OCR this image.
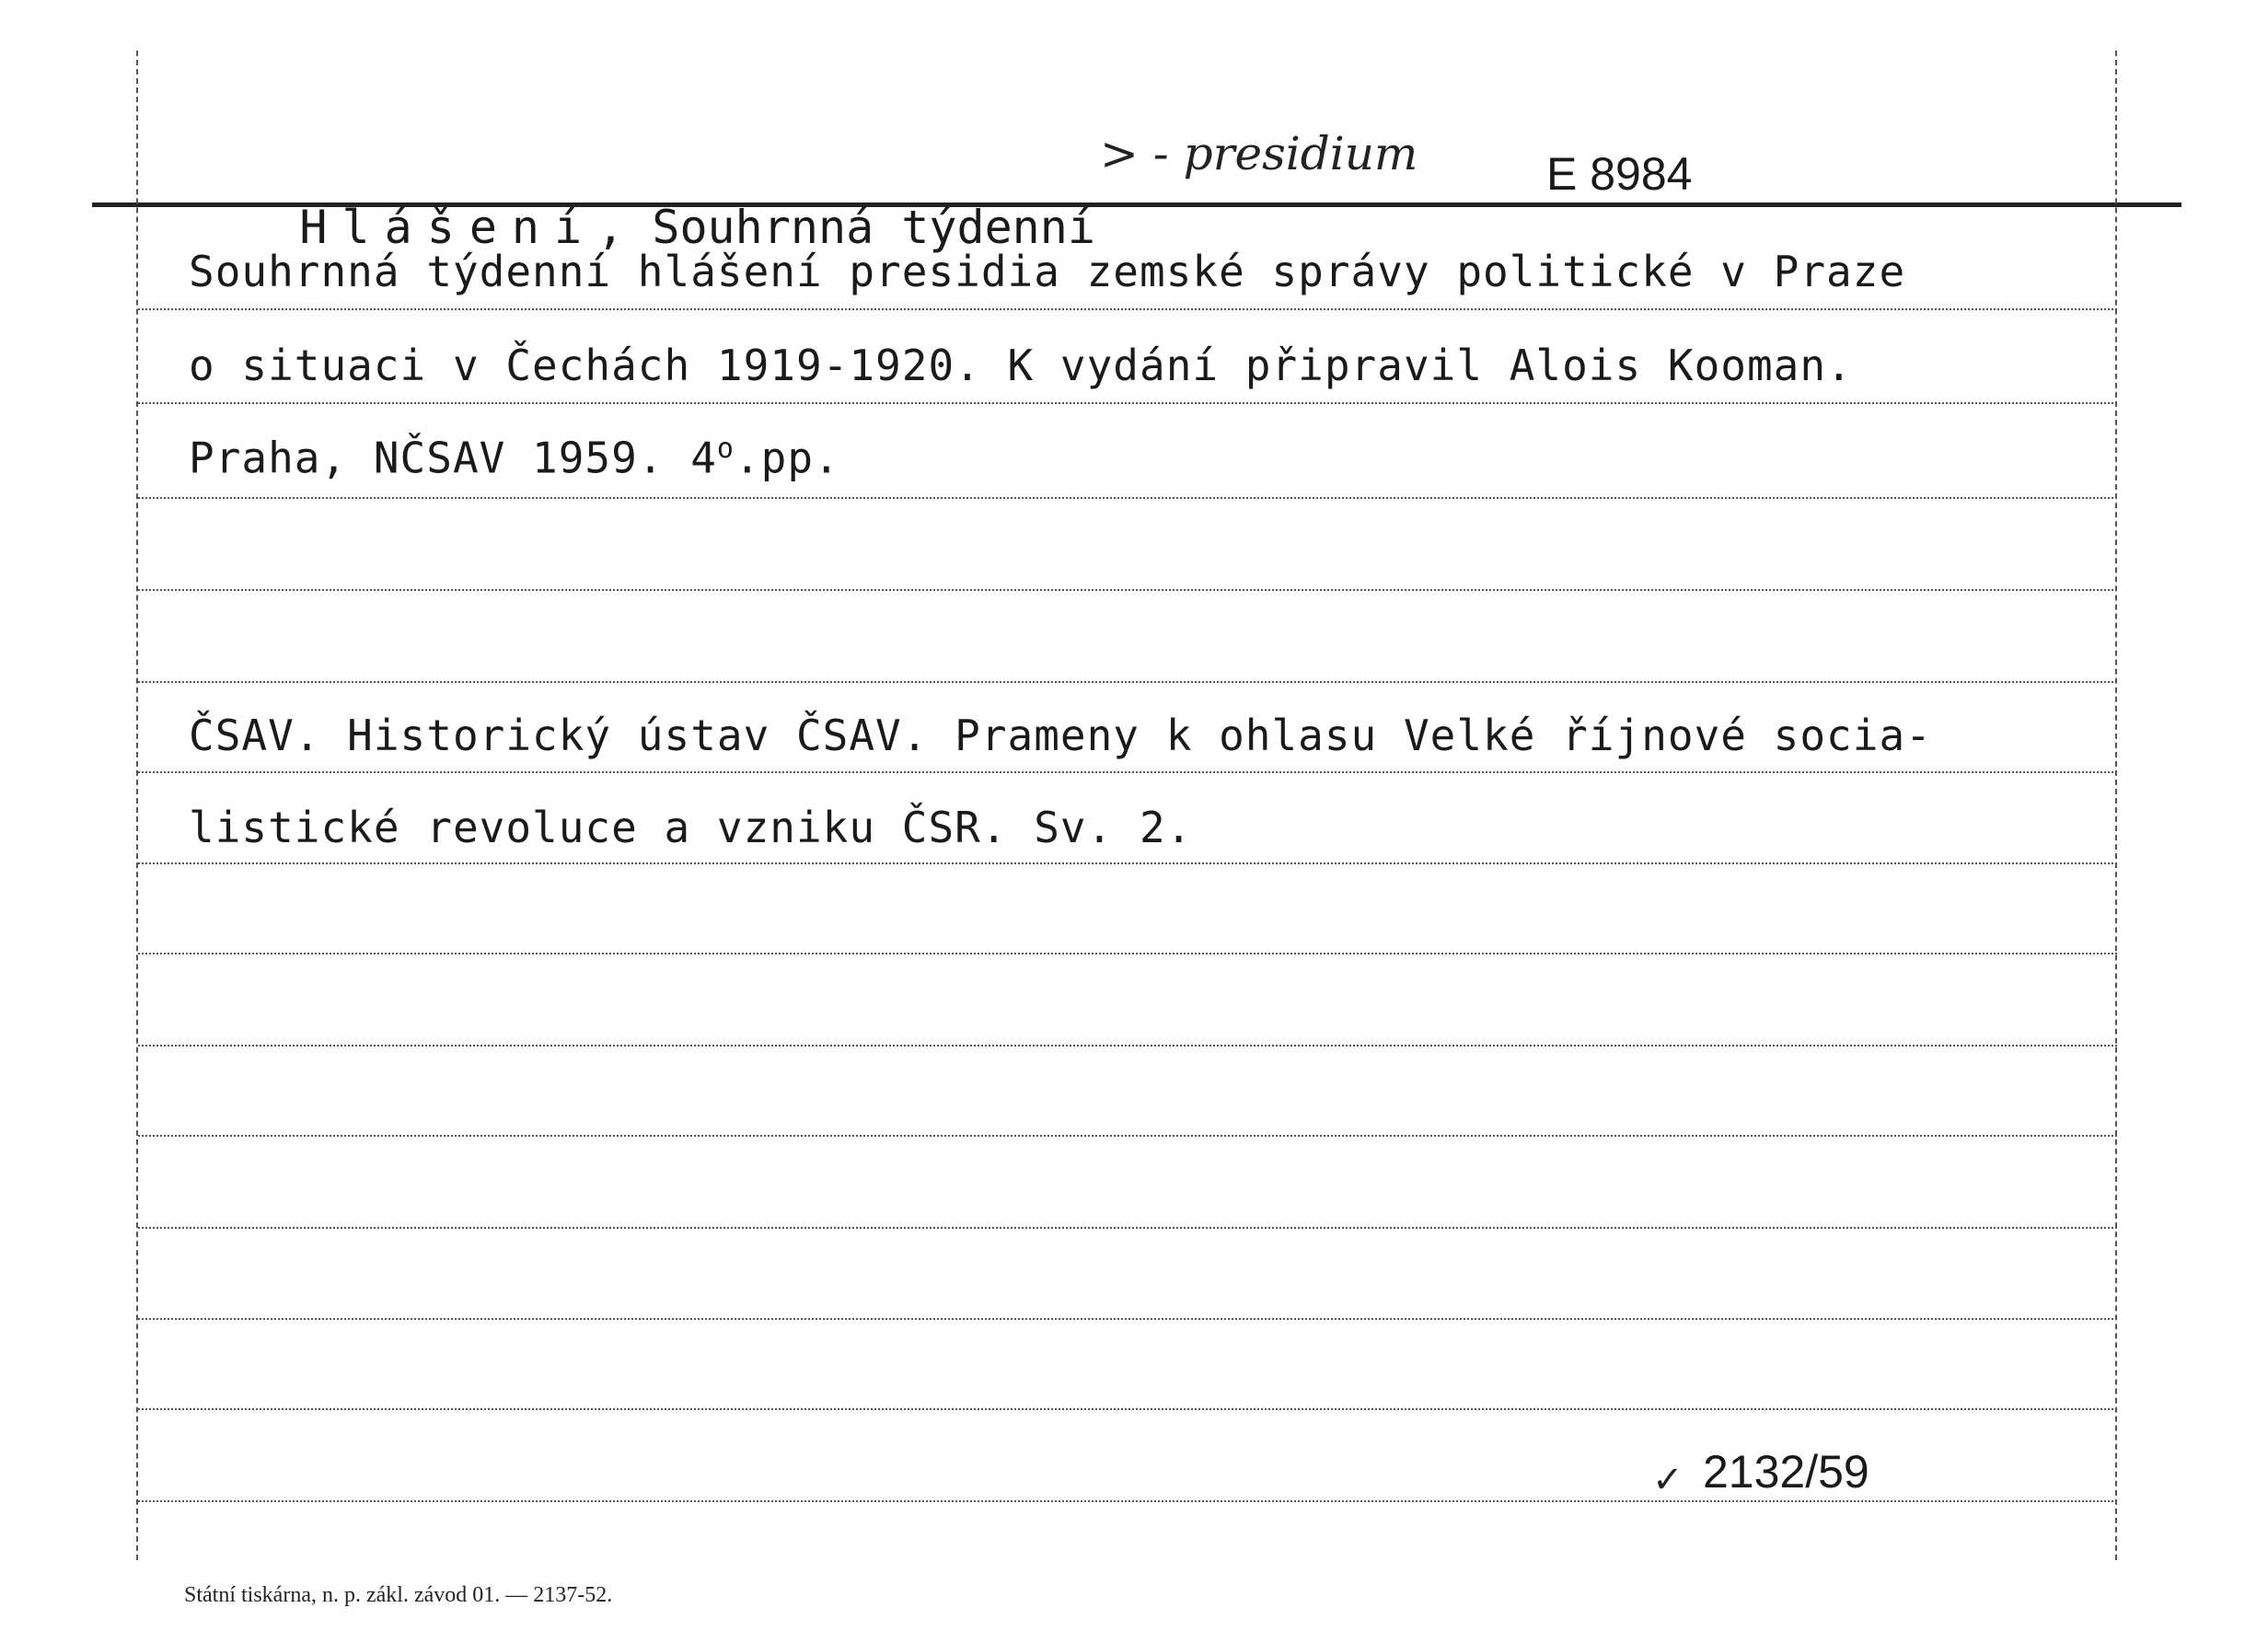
Hlášení, Souhrnná týdenní

> - presidium	E 8984
Souhrnná týdenní hlášení presidia zemské správy politické v Praze
o situaci v Čechách 1919-1920. K vydání připravil Alois Kooman.
Praha, NČSAV 1959. 4$^o$.pp.
ČSAV. Historický ústav ČSAV. Prameny k ohlasu Velké říjnové socia-
listické revoluce a vzniku ČSR. Sv. 2.
✓ 2132/59
Státní tiskárna, n. p. zákl. závod 01. — 2137-52.
